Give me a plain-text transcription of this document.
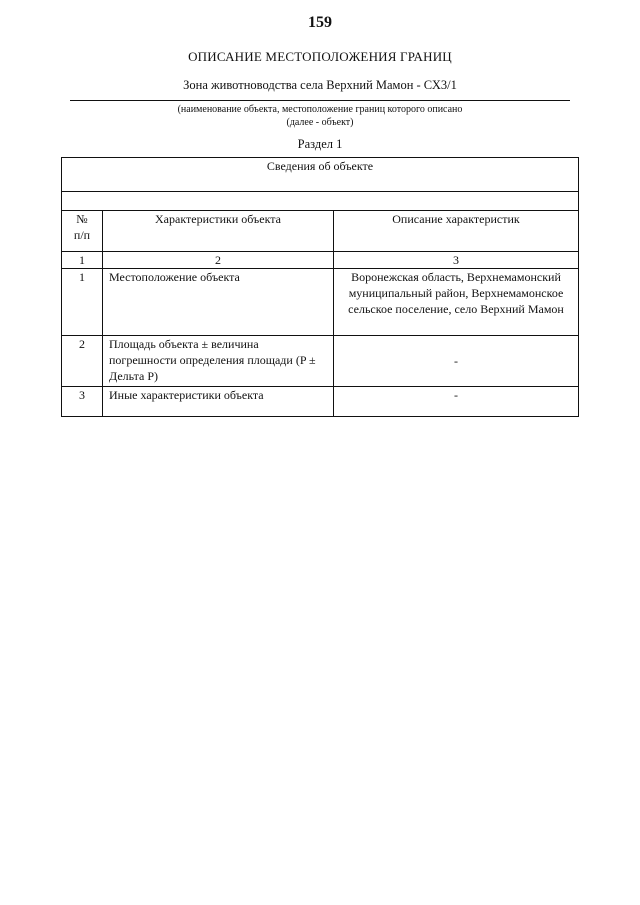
159
ОПИСАНИЕ МЕСТОПОЛОЖЕНИЯ ГРАНИЦ
Зона животноводства села Верхний Мамон - СХ3/1
(наименование объекта, местоположение границ которого описано
(далее - объект)
Раздел 1
Сведения об объекте		

№
п/п	Характеристики объекта	Описание характеристик
1	2	3
1	Местоположение объекта	Воронежская область, Верхнемамонский муниципальный район, Верхнемамонское сельское поселение, село Верхний Мамон
2	Площадь объекта ± величина погрешности определения площади (P ± Дельта P)	-
3	Иные характеристики объекта	-
